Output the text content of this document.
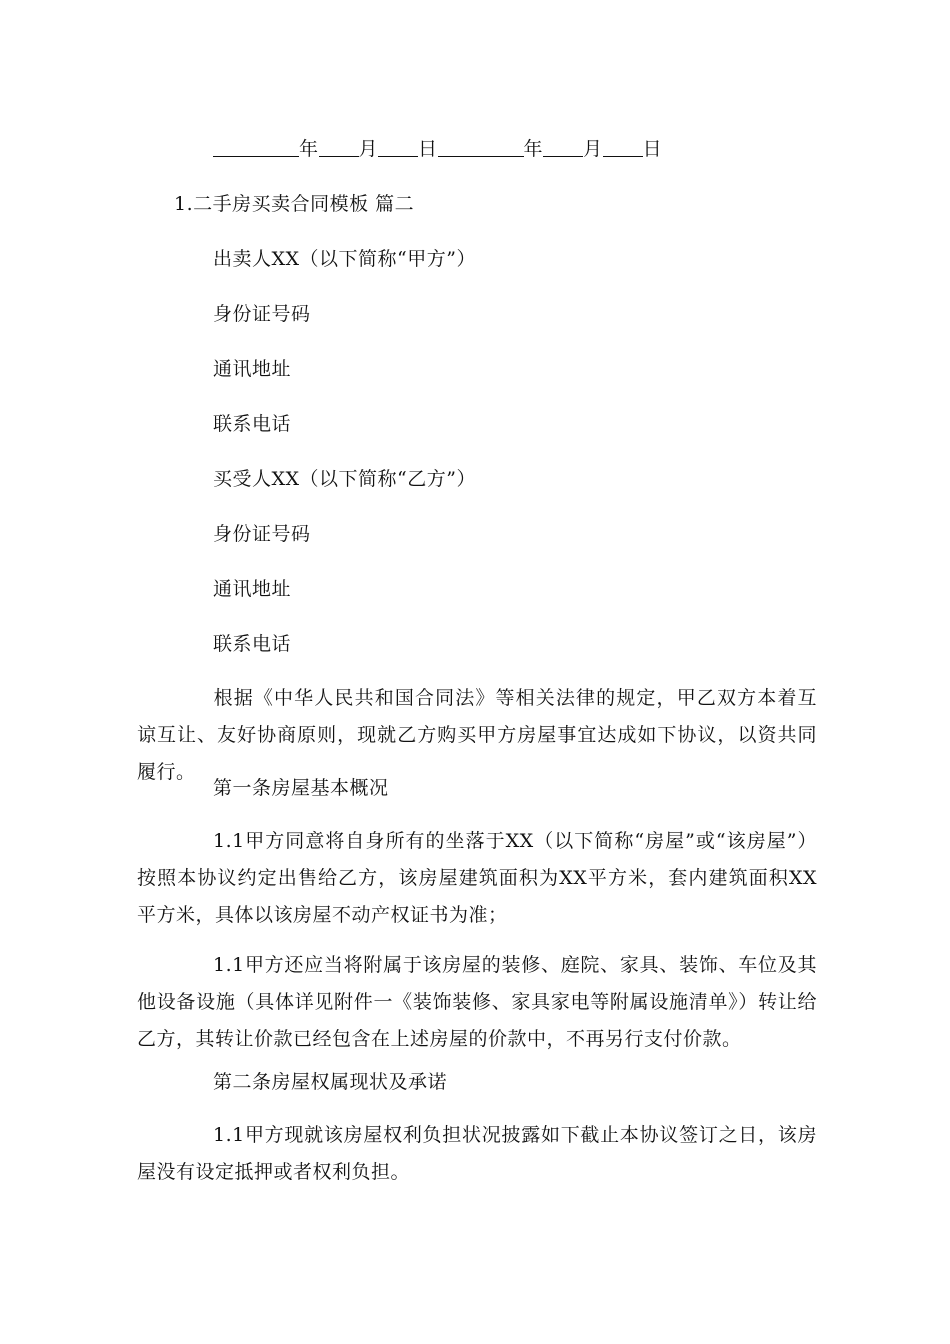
年 月 日	年 月 日
1.二手房买卖合同模板 篇二
出卖人XX（以下简称“甲方”）
身份证号码
通讯地址
联系电话
买受人XX（以下简称“乙方”）
身份证号码
通讯地址
联系电话
根据《中华人民共和国合同法》等相关法律的规定，甲乙双方本着互谅互让、友好协商原则，现就乙方购买甲方房屋事宜达成如下协议，以资共同履行。
第一条房屋基本概况
1.1甲方同意将自身所有的坐落于XX（以下简称“房屋”或“该房屋”）按照本协议约定出售给乙方，该房屋建筑面积为XX平方米，套内建筑面积XX平方米，具体以该房屋不动产权证书为准；
1.1甲方还应当将附属于该房屋的装修、庭院、家具、装饰、车位及其他设备设施（具体详见附件一《装饰装修、家具家电等附属设施清单》）转让给乙方，其转让价款已经包含在上述房屋的价款中，不再另行支付价款。
第二条房屋权属现状及承诺
1.1甲方现就该房屋权利负担状况披露如下截止本协议签订之日，该房屋没有设定抵押或者权利负担。
